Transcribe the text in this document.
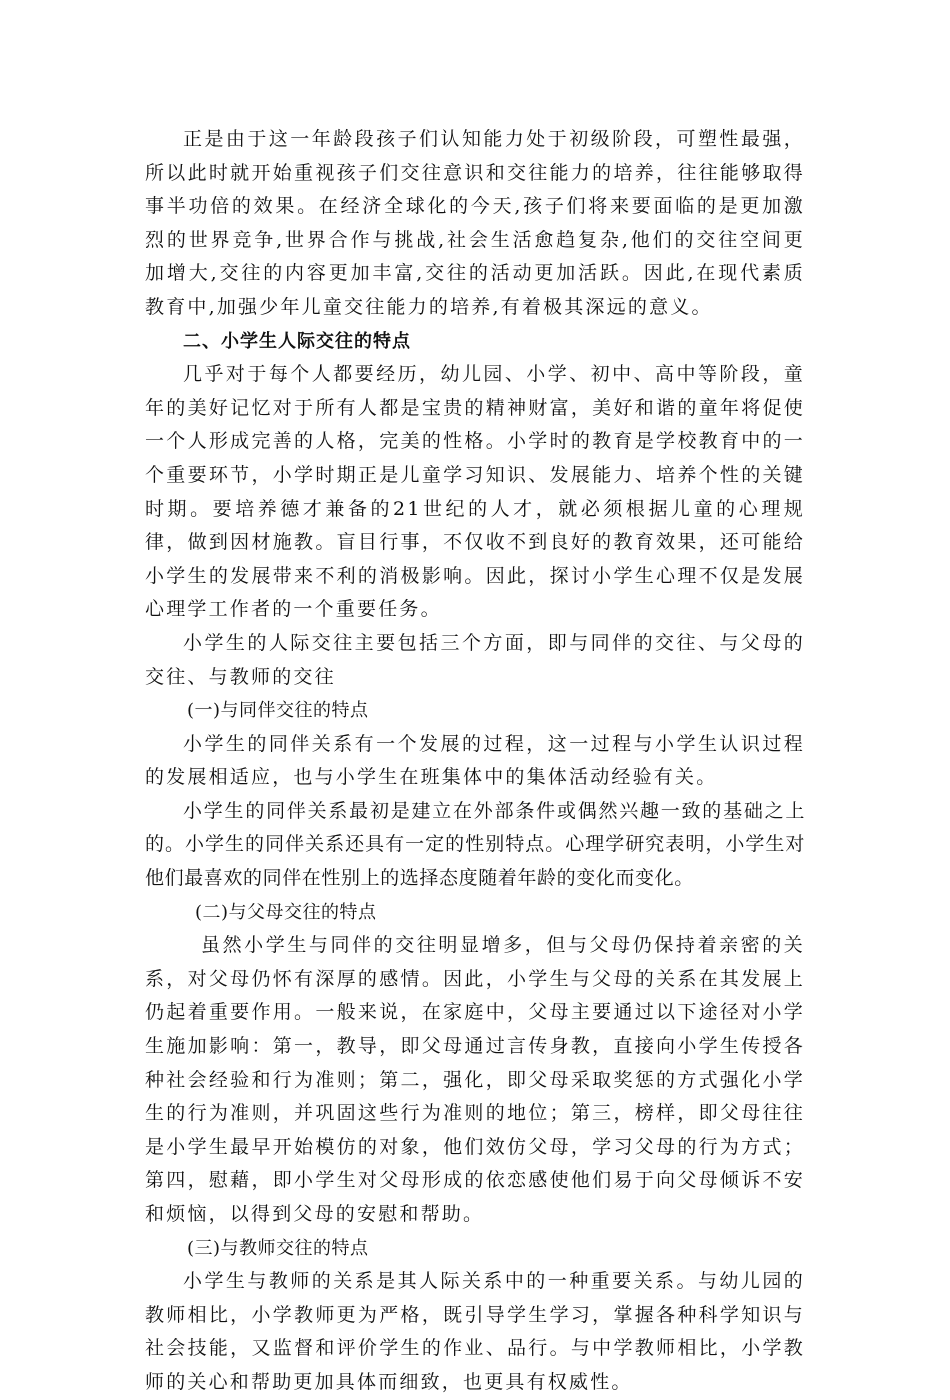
正是由于这一年龄段孩子们认知能力处于初级阶段，可塑性最强，所以此时就开始重视孩子们交往意识和交往能力的培养，往往能够取得事半功倍的效果。在经济全球化的今天,孩子们将来要面临的是更加激烈的世界竞争,世界合作与挑战,社会生活愈趋复杂,他们的交往空间更加增大,交往的内容更加丰富,交往的活动更加活跃。因此,在现代素质教育中,加强少年儿童交往能力的培养,有着极其深远的意义。

二、小学生人际交往的特点

几乎对于每个人都要经历，幼儿园、小学、初中、高中等阶段，童年的美好记忆对于所有人都是宝贵的精神财富，美好和谐的童年将促使一个人形成完善的人格，完美的性格。小学时的教育是学校教育中的一个重要环节，小学时期正是儿童学习知识、发展能力、培养个性的关键时期。要培养德才兼备的21世纪的人才，就必须根据儿童的心理规律，做到因材施教。盲目行事，不仅收不到良好的教育效果，还可能给小学生的发展带来不利的消极影响。因此，探讨小学生心理不仅是发展心理学工作者的一个重要任务。

小学生的人际交往主要包括三个方面，即与同伴的交往、与父母的交往、与教师的交往

(一)与同伴交往的特点

小学生的同伴关系有一个发展的过程，这一过程与小学生认识过程的发展相适应，也与小学生在班集体中的集体活动经验有关。

小学生的同伴关系最初是建立在外部条件或偶然兴趣一致的基础之上的。小学生的同伴关系还具有一定的性别特点。心理学研究表明，小学生对他们最喜欢的同伴在性别上的选择态度随着年龄的变化而变化。

(二)与父母交往的特点

虽然小学生与同伴的交往明显增多，但与父母仍保持着亲密的关系，对父母仍怀有深厚的感情。因此，小学生与父母的关系在其发展上仍起着重要作用。一般来说，在家庭中，父母主要通过以下途径对小学生施加影响：第一，教导，即父母通过言传身教，直接向小学生传授各种社会经验和行为准则；第二，强化，即父母采取奖惩的方式强化小学生的行为准则，并巩固这些行为准则的地位；第三，榜样，即父母往往是小学生最早开始模仿的对象，他们效仿父母，学习父母的行为方式；第四，慰藉，即小学生对父母形成的依恋感使他们易于向父母倾诉不安和烦恼，以得到父母的安慰和帮助。

(三)与教师交往的特点

小学生与教师的关系是其人际关系中的一种重要关系。与幼儿园的教师相比，小学教师更为严格，既引导学生学习，掌握各种科学知识与社会技能，又监督和评价学生的作业、品行。与中学教师相比，小学教师的关心和帮助更加具体而细致，也更具有权威性。
